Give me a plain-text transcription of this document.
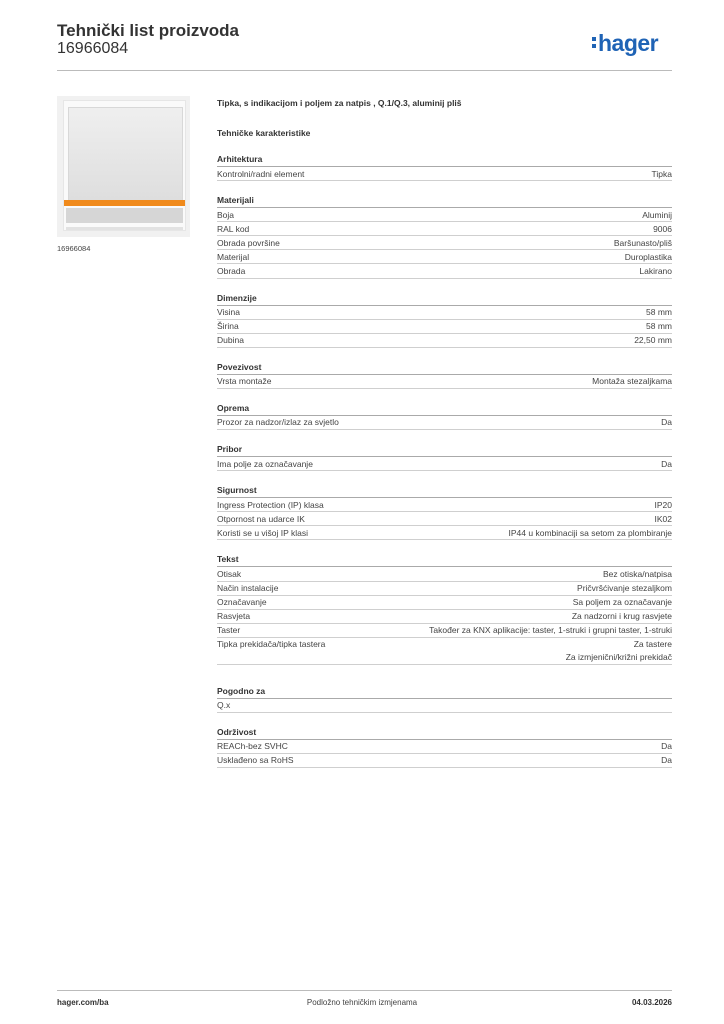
Tehnički list proizvoda
16966084	hager
16966084
Tipka, s indikacijom i poljem za natpis , Q.1/Q.3, aluminij pliš
Tehničke karakteristike
Arhitektura
Kontrolni/radni element	Tipka
Materijali
Boja	Aluminij
RAL kod	9006
Obrada površine	Baršunasto/pliš
Materijal	Duroplastika
Obrada	Lakirano
Dimenzije
Visina	58 mm
Širina	58 mm
Dubina	22,50 mm
Povezivost
Vrsta montaže	Montaža stezaljkama
Oprema
Prozor za nadzor/izlaz za svjetlo	Da
Pribor
Ima polje za označavanje	Da
Sigurnost
Ingress Protection (IP) klasa	IP20
Otpornost na udarce IK	IK02
Koristi se u višoj IP klasi	IP44 u kombinaciji sa setom za plombiranje
Tekst
Otisak	Bez otiska/natpisa
Način instalacije	Pričvršćivanje stezaljkom
Označavanje	Sa poljem za označavanje
Rasvjeta	Za nadzorni i krug rasvjete
Taster	Također za KNX aplikacije: taster, 1-struki i grupni taster, 1-struki
Tipka prekidača/tipka tastera	Za tastere
Za izmjenični/križni prekidač
Pogodno za
Q.x
Održivost
REACh-bez SVHC	Da
Usklađeno sa RoHS	Da
hager.com/ba	Podložno tehničkim izmjenama	04.03.2026
